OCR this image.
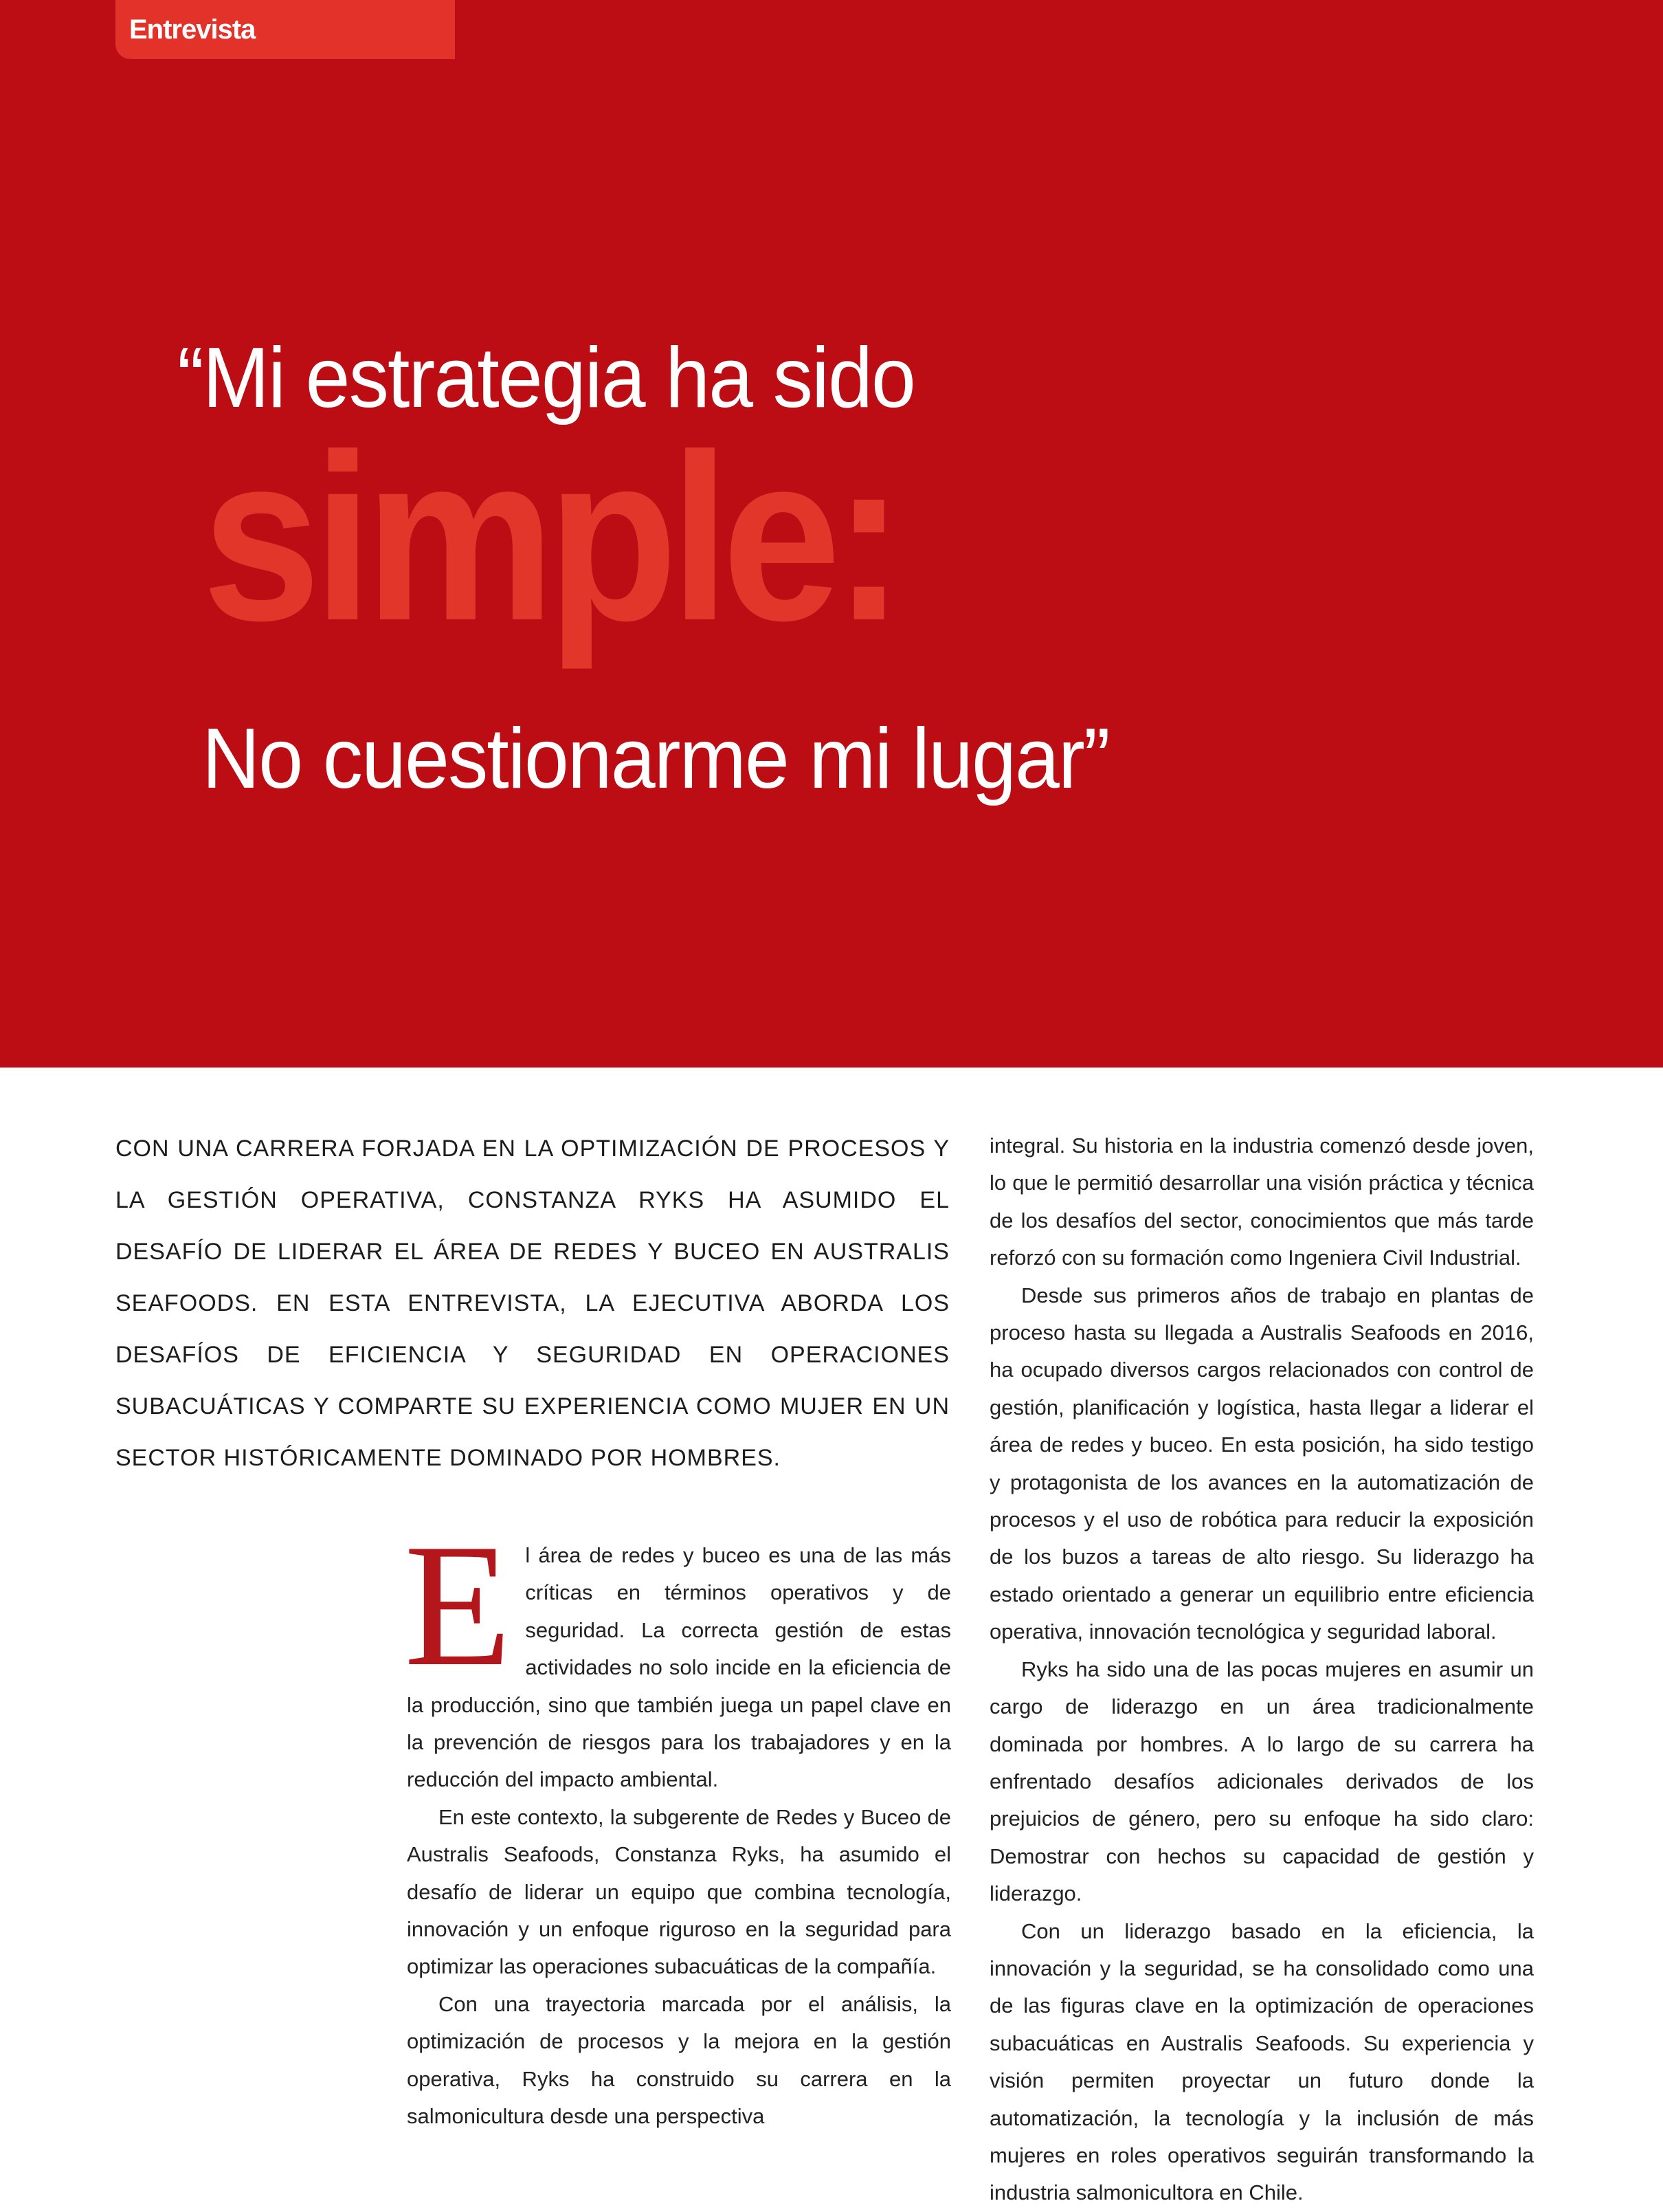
Entrevista
“Mi estrategia ha sido
simple:
No cuestionarme mi lugar”

CON UNA CARRERA FORJADA EN LA OPTIMIZACIÓN DE PROCESOS Y LA GESTIÓN OPERATIVA, CONSTANZA RYKS HA ASUMIDO EL DESAFÍO DE LIDERAR EL ÁREA DE REDES Y BUCEO EN AUSTRALIS SEAFOODS. EN ESTA ENTREVISTA, LA EJECUTIVA ABORDA LOS DESAFÍOS DE EFICIENCIA Y SEGURIDAD EN OPERACIONES SUBACUÁTICAS Y COMPARTE SU EXPERIENCIA COMO MUJER EN UN SECTOR HISTÓRICAMENTE DOMINADO POR HOMBRES.

El área de redes y buceo es una de las más críticas en términos operativos y de seguridad. La correcta gestión de estas actividades no solo incide en la eficiencia de la producción, sino que también juega un papel clave en la prevención de riesgos para los trabajadores y en la reducción del impacto ambiental.

En este contexto, la subgerente de Redes y Buceo de Australis Seafoods, Constanza Ryks, ha asumido el desafío de liderar un equipo que combina tecnología, innovación y un enfoque riguroso en la seguridad para optimizar las operaciones subacuáticas de la compañía.

Con una trayectoria marcada por el análisis, la optimización de procesos y la mejora en la gestión operativa, Ryks ha construido su carrera en la salmonicultura desde una perspectiva

integral. Su historia en la industria comenzó desde joven, lo que le permitió desarrollar una visión práctica y técnica de los desafíos del sector, conocimientos que más tarde reforzó con su formación como Ingeniera Civil Industrial.

Desde sus primeros años de trabajo en plantas de proceso hasta su llegada a Australis Seafoods en 2016, ha ocupado diversos cargos relacionados con control de gestión, planificación y logística, hasta llegar a liderar el área de redes y buceo. En esta posición, ha sido testigo y protagonista de los avances en la automatización de procesos y el uso de robótica para reducir la exposición de los buzos a tareas de alto riesgo. Su liderazgo ha estado orientado a generar un equilibrio entre eficiencia operativa, innovación tecnológica y seguridad laboral.

Ryks ha sido una de las pocas mujeres en asumir un cargo de liderazgo en un área tradicionalmente dominada por hombres. A lo largo de su carrera ha enfrentado desafíos adicionales derivados de los prejuicios de género, pero su enfoque ha sido claro: Demostrar con hechos su capacidad de gestión y liderazgo.

Con un liderazgo basado en la eficiencia, la innovación y la seguridad, se ha consolidado como una de las figuras clave en la optimización de operaciones subacuáticas en Australis Seafoods. Su experiencia y visión permiten proyectar un futuro donde la automatización, la tecnología y la inclusión de más mujeres en roles operativos seguirán transformando la industria salmonicultora en Chile.
